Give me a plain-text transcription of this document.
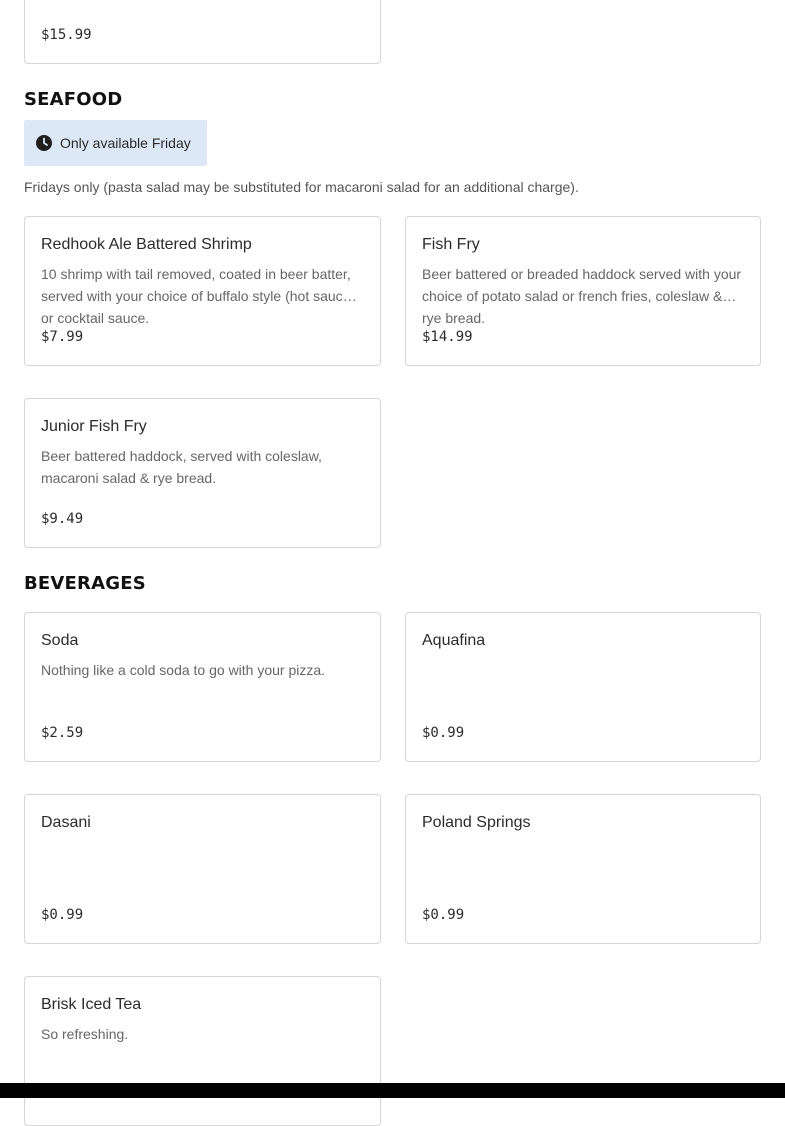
$15.99
SEAFOOD
Only available Friday
Fridays only (pasta salad may be substituted for macaroni salad for an additional charge).
Redhook Ale Battered Shrimp
10 shrimp with tail removed, coated in beer batter, served with your choice of buffalo style (hot sauce) or cocktail sauce.
$7.99
Fish Fry
Beer battered or breaded haddock served with your choice of potato salad or french fries, coleslaw & rye bread.
$14.99
Junior Fish Fry
Beer battered haddock, served with coleslaw, macaroni salad & rye bread.
$9.49
BEVERAGES
Soda
Nothing like a cold soda to go with your pizza.
$2.59
Aquafina
$0.99
Dasani
$0.99
Poland Springs
$0.99
Brisk Iced Tea
So refreshing.
